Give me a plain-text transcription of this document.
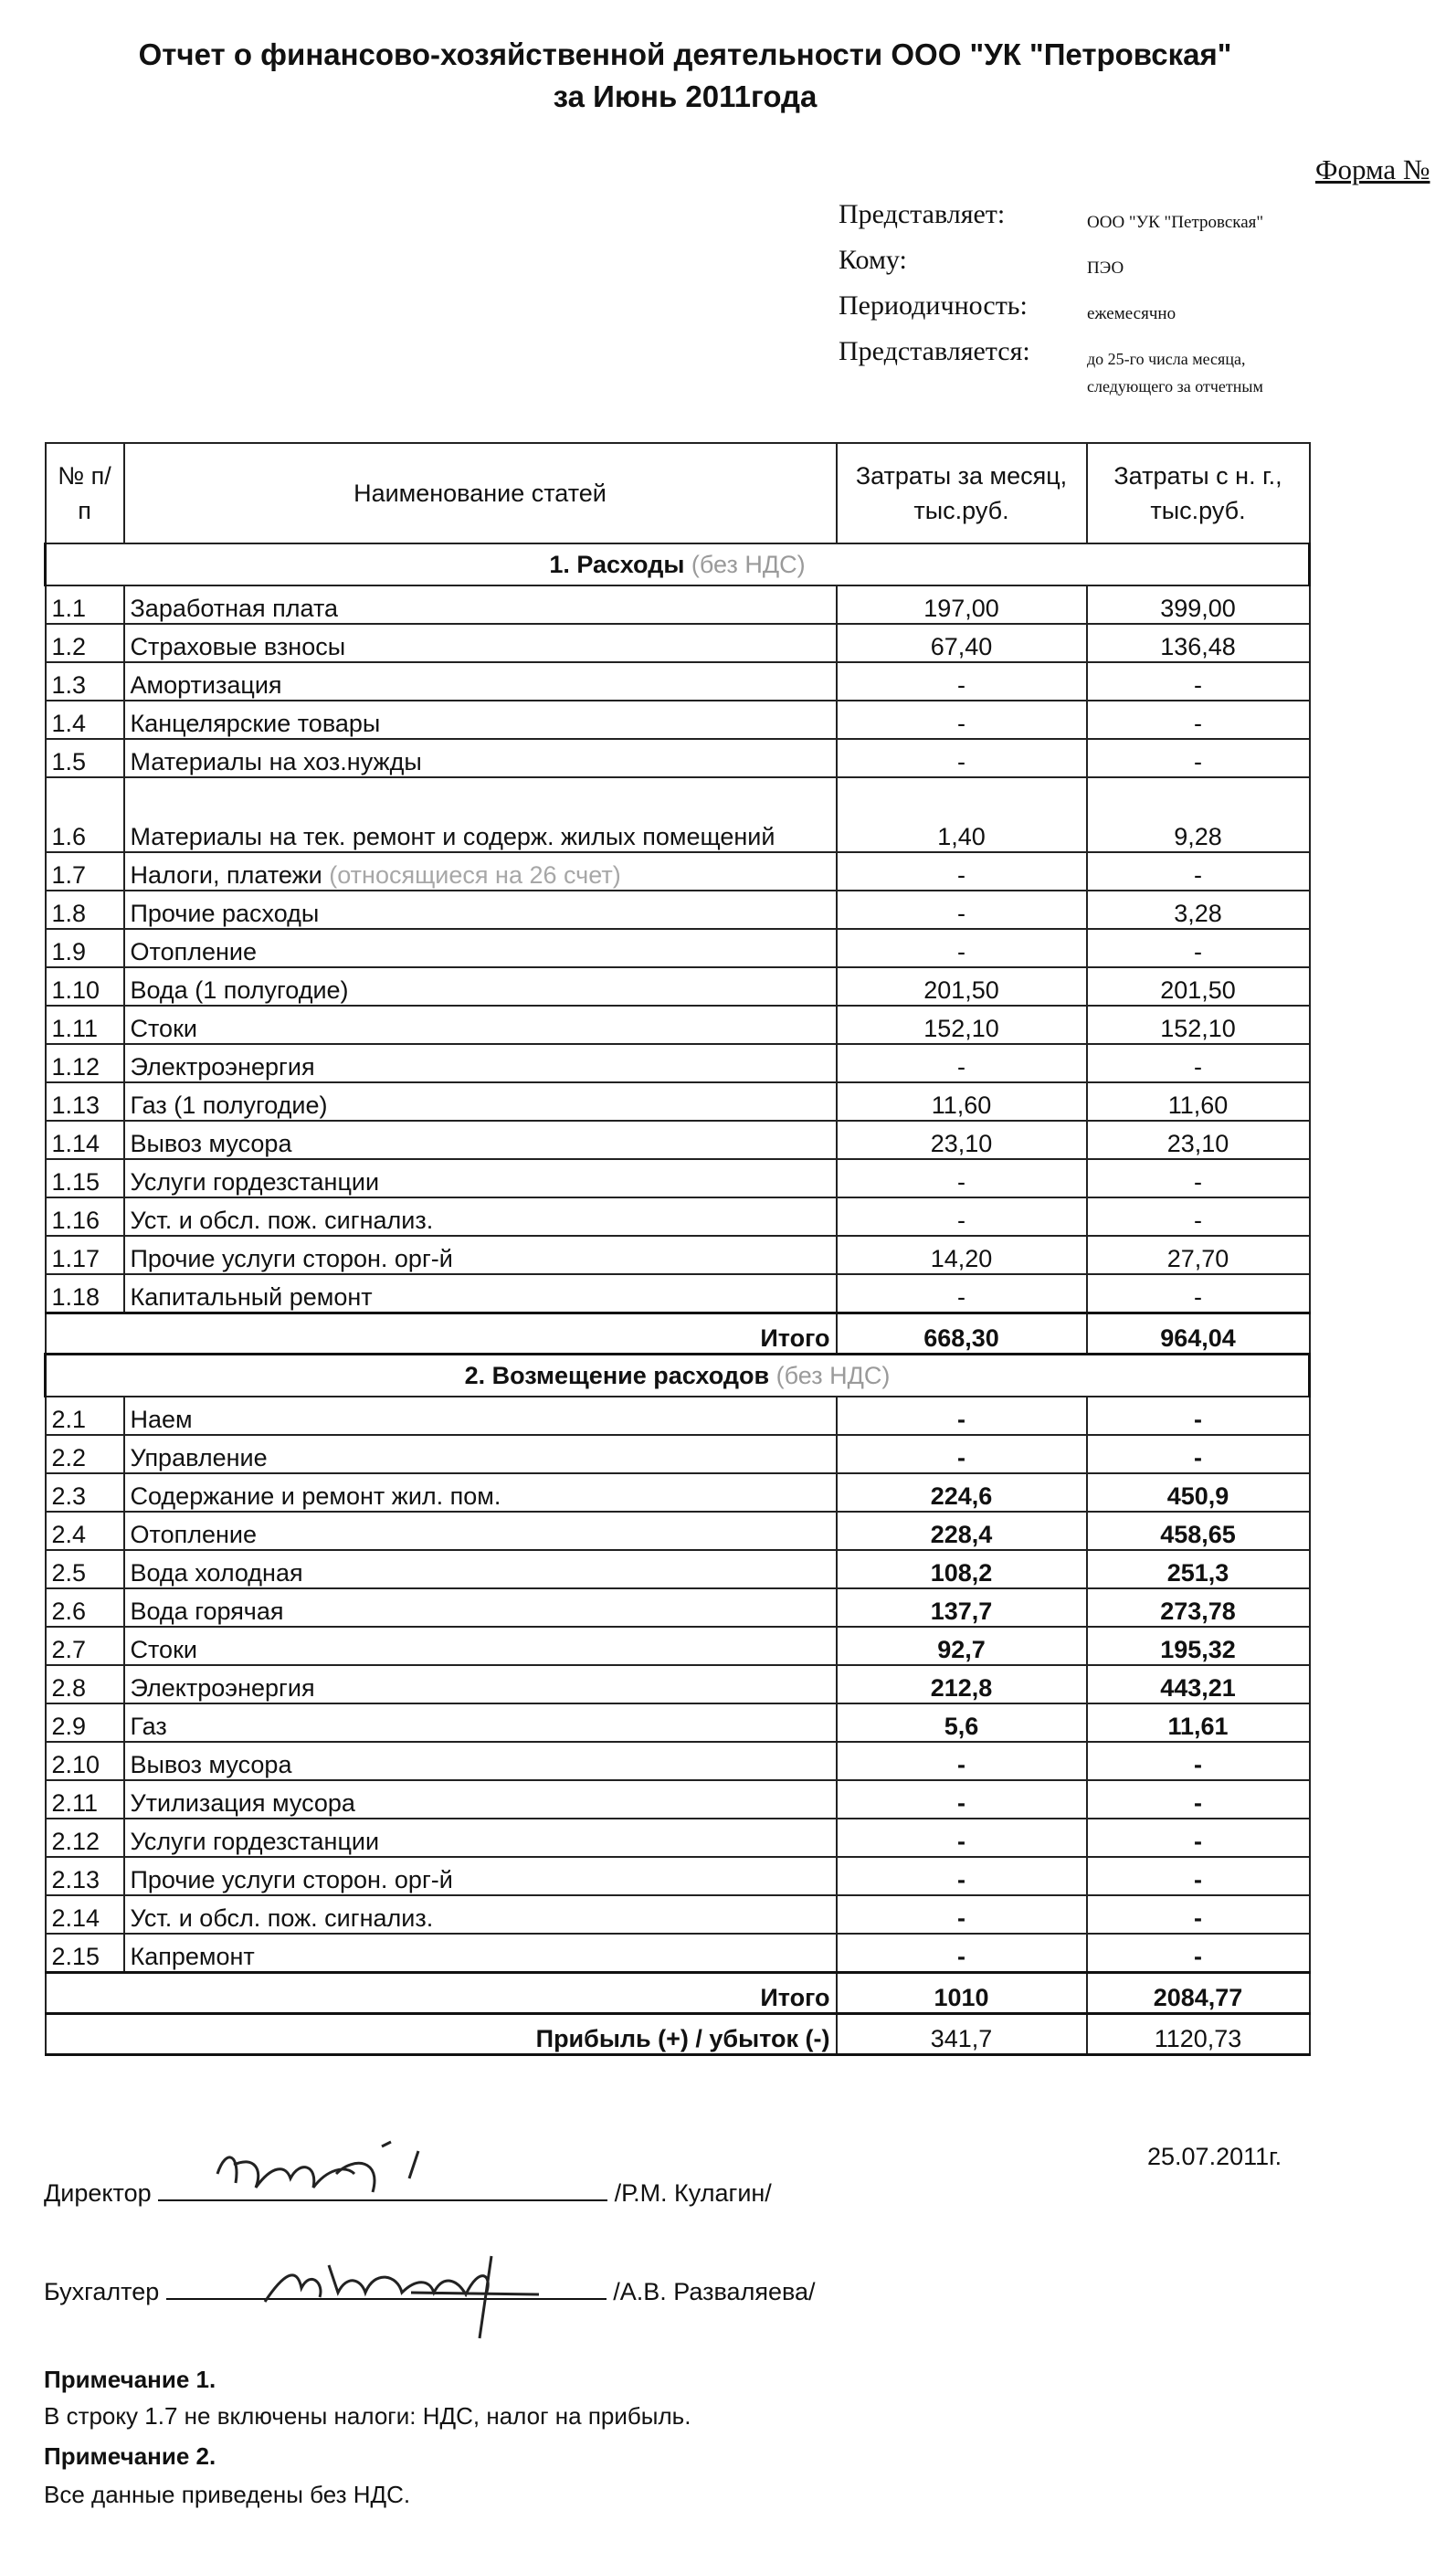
Отчет о финансово-хозяйственной деятельности ООО "УК "Петровская"
за Июнь 2011года
Форма №
Представляет:	ООО "УК "Петровская"
Кому:	ПЭО
Периодичность:	ежемесячно
Представляется:	до 25-го числа месяца, следующего за отчетным
№ п/п	Наименование статей	Затраты за месяц, тыс.руб.	Затраты с н. г., тыс.руб.
1. Расходы (без НДС)			
1.1	Заработная плата	197,00	399,00
1.2	Страховые взносы	67,40	136,48
1.3	Амортизация	-	-
1.4	Канцелярские товары	-	-
1.5	Материалы на хоз.нужды	-	-
1.6	Материалы на тек. ремонт и содерж. жилых помещений	1,40	9,28
1.7	Налоги, платежи (относящиеся на 26 счет)	-	-
1.8	Прочие расходы	-	3,28
1.9	Отопление	-	-
1.10	Вода (1 полугодие)	201,50	201,50
1.11	Стоки	152,10	152,10
1.12	Электроэнергия	-	-
1.13	Газ (1 полугодие)	11,60	11,60
1.14	Вывоз мусора	23,10	23,10
1.15	Услуги гордезстанции	-	-
1.16	Уст. и обсл. пож. сигнализ.	-	-
1.17	Прочие услуги сторон. орг-й	14,20	27,70
1.18	Капитальный ремонт	-	-
Итого		668,30	964,04
2. Возмещение расходов (без НДС)			
2.1	Наем	-	-
2.2	Управление	-	-
2.3	Содержание и ремонт жил. пом.	224,6	450,9
2.4	Отопление	228,4	458,65
2.5	Вода холодная	108,2	251,3
2.6	Вода горячая	137,7	273,78
2.7	Стоки	92,7	195,32
2.8	Электроэнергия	212,8	443,21
2.9	Газ	5,6	11,61
2.10	Вывоз мусора	-	-
2.11	Утилизация мусора	-	-
2.12	Услуги гордезстанции	-	-
2.13	Прочие услуги сторон. орг-й	-	-
2.14	Уст. и обсл. пож. сигнализ.	-	-
2.15	Капремонт	-	-
Итого		1010	2084,77
Прибыль (+) / убыток (-)		341,7	1120,73
25.07.2011г.
Директор	/Р.М. Кулагин/
Бухгалтер	/А.В. Разваляева/
Примечание 1.
В строку 1.7 не включены налоги: НДС, налог на прибыль.
Примечание 2.
Все данные приведены без НДС.
